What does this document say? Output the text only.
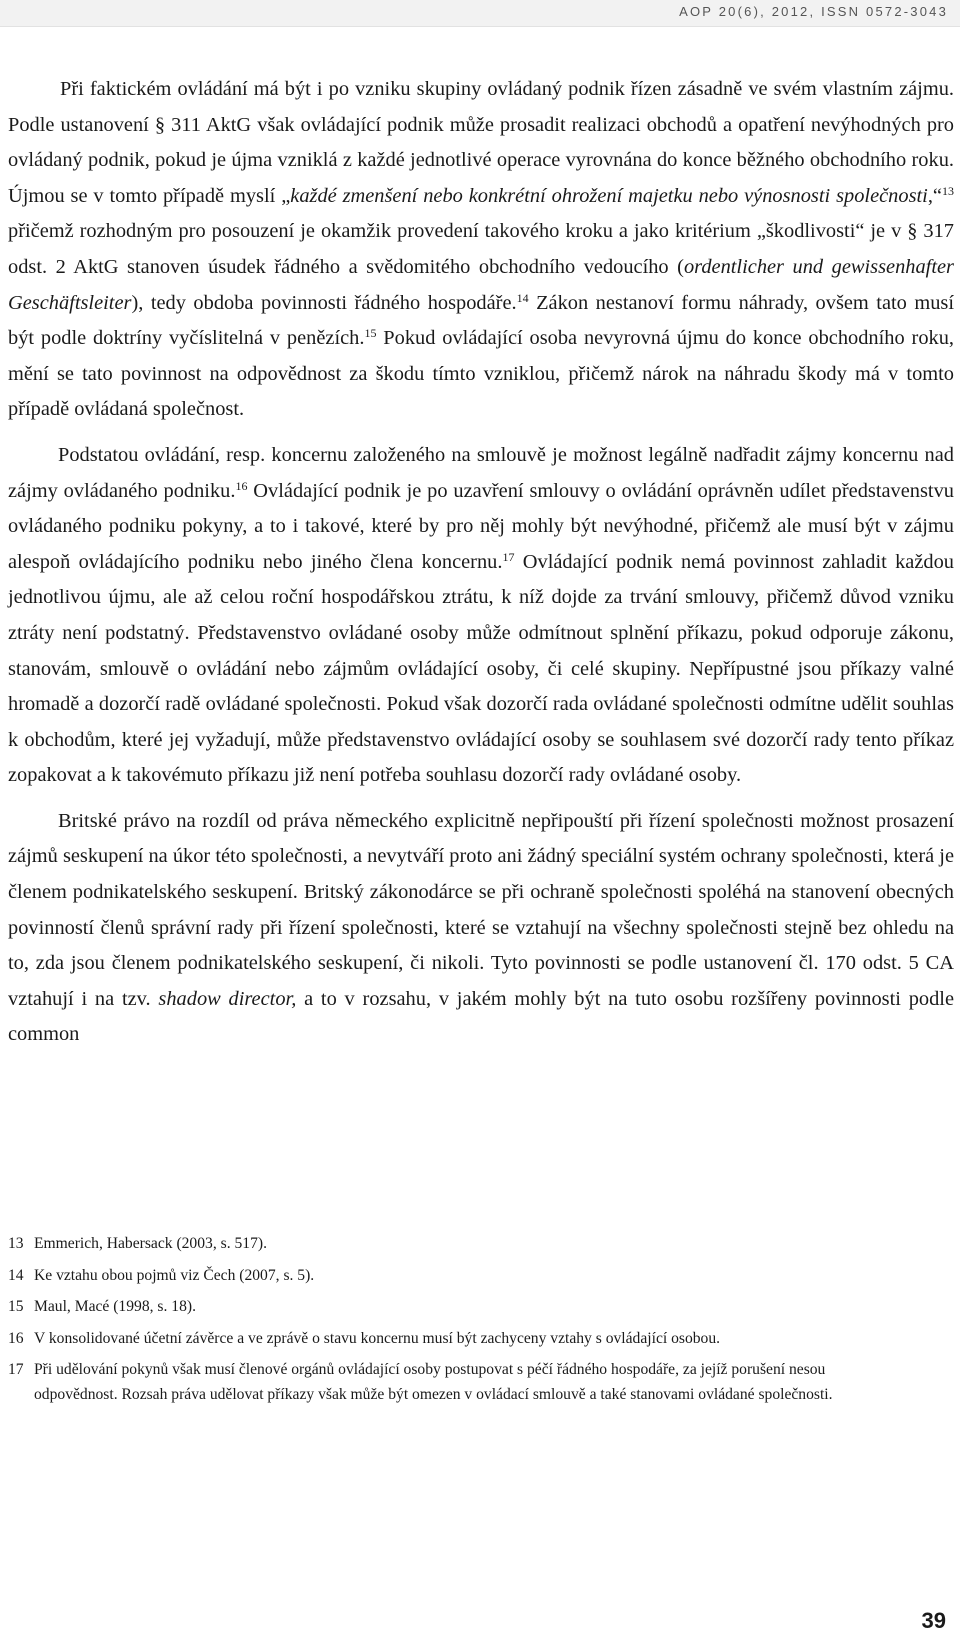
AOP 20(6), 2012, ISSN 0572-3043

Při faktickém ovládání má být i po vzniku skupiny ovládaný podnik řízen zásadně ve svém vlastním zájmu. Podle ustanovení § 311 AktG však ovládající podnik může prosadit realizaci obchodů a opatření nevýhodných pro ovládaný podnik, pokud je újma vzniklá z každé jednotlivé operace vyrovnána do konce běžného obchodního roku. Újmou se v tomto případě myslí „každé zmenšení nebo konkrétní ohrožení majetku nebo výnosnosti společnosti,“$^{13}$ přičemž rozhodným pro posouzení je okamžik provedení takového kroku a jako kritérium „škodlivosti“ je v § 317 odst. 2 AktG stanoven úsudek řádného a svědomitého obchodního vedoucího (ordentlicher und gewissenhafter Geschäftsleiter), tedy obdoba povinnosti řádného hospodáře.$^{14}$ Zákon nestanoví formu náhrady, ovšem tato musí být podle doktríny vyčíslitelná v penězích.$^{15}$ Pokud ovládající osoba nevyrovná újmu do konce obchodního roku, mění se tato povinnost na odpovědnost za škodu tímto vzniklou, přičemž nárok na náhradu škody má v tomto případě ovládaná společnost.

Podstatou ovládání, resp. koncernu založeného na smlouvě je možnost legálně nadřadit zájmy koncernu nad zájmy ovládaného podniku.$^{16}$ Ovládající podnik je po uzavření smlouvy o ovládání oprávněn udílet představenstvu ovládaného podniku pokyny, a to i takové, které by pro něj mohly být nevýhodné, přičemž ale musí být v zájmu alespoň ovládajícího podniku nebo jiného člena koncernu.$^{17}$ Ovládající podnik nemá povinnost zahladit každou jednotlivou újmu, ale až celou roční hospodářskou ztrátu, k níž dojde za trvání smlouvy, přičemž důvod vzniku ztráty není podstatný. Představenstvo ovládané osoby může odmítnout splnění příkazu, pokud odporuje zákonu, stanovám, smlouvě o ovládání nebo zájmům ovládající osoby, či celé skupiny. Nepřípustné jsou příkazy valné hromadě a dozorčí radě ovládané společnosti. Pokud však dozorčí rada ovládané společnosti odmítne udělit souhlas k obchodům, které jej vyžadují, může představenstvo ovládající osoby se souhlasem své dozorčí rady tento příkaz zopakovat a k takovémuto příkazu již není potřeba souhlasu dozorčí rady ovládané osoby.

Britské právo na rozdíl od práva německého explicitně nepřipouští při řízení společnosti možnost prosazení zájmů seskupení na úkor této společnosti, a nevytváří proto ani žádný speciální systém ochrany společnosti, která je členem podnikatelského seskupení. Britský zákonodárce se při ochraně společnosti spoléhá na stanovení obecných povinností členů správní rady při řízení společnosti, které se vztahují na všechny společnosti stejně bez ohledu na to, zda jsou členem podnikatelského seskupení, či nikoli. Tyto povinnosti se podle ustanovení čl. 170 odst. 5 CA vztahují i na tzv. shadow director, a to v rozsahu, v jakém mohly být na tuto osobu rozšířeny povinnosti podle common

13 Emmerich, Habersack (2003, s. 517).
14 Ke vztahu obou pojmů viz Čech (2007, s. 5).
15 Maul, Macé (1998, s. 18).
16 V konsolidované účetní závěrce a ve zprávě o stavu koncernu musí být zachyceny vztahy s ovládající osobou.
17 Při udělování pokynů však musí členové orgánů ovládající osoby postupovat s péčí řádného hospodáře, za jejíž porušení nesou odpovědnost. Rozsah práva udělovat příkazy však může být omezen v ovládací smlouvě a také stanovami ovládané společnosti.
39
